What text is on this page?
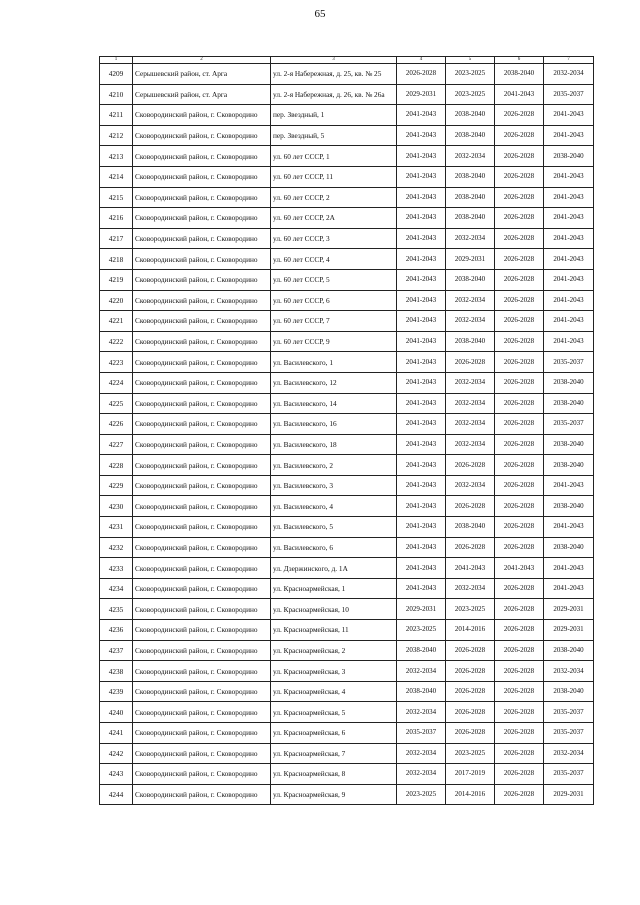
65
1	2	3	4	5	6	7	
4209	Серышевский район, ст. Арга	ул. 2-я Набережная, д. 25, кв. № 25	2026-2028	2023-2025	2038-2040	2032-2034	
4210	Серышевский район, ст. Арга	ул. 2-я Набережная, д. 26, кв. № 26а	2029-2031	2023-2025	2041-2043	2035-2037	
4211	Сковородинский район, г. Сковородино	пер. Звездный, 1	2041-2043	2038-2040	2026-2028	2041-2043	
4212	Сковородинский район, г. Сковородино	пер. Звездный, 5	2041-2043	2038-2040	2026-2028	2041-2043	
4213	Сковородинский район, г. Сковородино	ул. 60 лет СССР, 1	2041-2043	2032-2034	2026-2028	2038-2040	
4214	Сковородинский район, г. Сковородино	ул. 60 лет СССР, 11	2041-2043	2038-2040	2026-2028	2041-2043	
4215	Сковородинский район, г. Сковородино	ул. 60 лет СССР, 2	2041-2043	2038-2040	2026-2028	2041-2043	
4216	Сковородинский район, г. Сковородино	ул. 60 лет СССР, 2А	2041-2043	2038-2040	2026-2028	2041-2043	
4217	Сковородинский район, г. Сковородино	ул. 60 лет СССР, 3	2041-2043	2032-2034	2026-2028	2041-2043	
4218	Сковородинский район, г. Сковородино	ул. 60 лет СССР, 4	2041-2043	2029-2031	2026-2028	2041-2043	
4219	Сковородинский район, г. Сковородино	ул. 60 лет СССР, 5	2041-2043	2038-2040	2026-2028	2041-2043	
4220	Сковородинский район, г. Сковородино	ул. 60 лет СССР, 6	2041-2043	2032-2034	2026-2028	2041-2043	
4221	Сковородинский район, г. Сковородино	ул. 60 лет СССР, 7	2041-2043	2032-2034	2026-2028	2041-2043	
4222	Сковородинский район, г. Сковородино	ул. 60 лет СССР, 9	2041-2043	2038-2040	2026-2028	2041-2043	
4223	Сковородинский район, г. Сковородино	ул. Василевского, 1	2041-2043	2026-2028	2026-2028	2035-2037	
4224	Сковородинский район, г. Сковородино	ул. Василевского, 12	2041-2043	2032-2034	2026-2028	2038-2040	
4225	Сковородинский район, г. Сковородино	ул. Василевского, 14	2041-2043	2032-2034	2026-2028	2038-2040	
4226	Сковородинский район, г. Сковородино	ул. Василевского, 16	2041-2043	2032-2034	2026-2028	2035-2037	
4227	Сковородинский район, г. Сковородино	ул. Василевского, 18	2041-2043	2032-2034	2026-2028	2038-2040	
4228	Сковородинский район, г. Сковородино	ул. Василевского, 2	2041-2043	2026-2028	2026-2028	2038-2040	
4229	Сковородинский район, г. Сковородино	ул. Василевского, 3	2041-2043	2032-2034	2026-2028	2041-2043	
4230	Сковородинский район, г. Сковородино	ул. Василевского, 4	2041-2043	2026-2028	2026-2028	2038-2040	
4231	Сковородинский район, г. Сковородино	ул. Василевского, 5	2041-2043	2038-2040	2026-2028	2041-2043	
4232	Сковородинский район, г. Сковородино	ул. Василевского, 6	2041-2043	2026-2028	2026-2028	2038-2040	
4233	Сковородинский район, г. Сковородино	ул. Дзержинского, д. 1А	2041-2043	2041-2043	2041-2043	2041-2043	
4234	Сковородинский район, г. Сковородино	ул. Красноармейская, 1	2041-2043	2032-2034	2026-2028	2041-2043	
4235	Сковородинский район, г. Сковородино	ул. Красноармейская, 10	2029-2031	2023-2025	2026-2028	2029-2031	
4236	Сковородинский район, г. Сковородино	ул. Красноармейская, 11	2023-2025	2014-2016	2026-2028	2029-2031	
4237	Сковородинский район, г. Сковородино	ул. Красноармейская, 2	2038-2040	2026-2028	2026-2028	2038-2040	
4238	Сковородинский район, г. Сковородино	ул. Красноармейская, 3	2032-2034	2026-2028	2026-2028	2032-2034	
4239	Сковородинский район, г. Сковородино	ул. Красноармейская, 4	2038-2040	2026-2028	2026-2028	2038-2040	
4240	Сковородинский район, г. Сковородино	ул. Красноармейская, 5	2032-2034	2026-2028	2026-2028	2035-2037	
4241	Сковородинский район, г. Сковородино	ул. Красноармейская, 6	2035-2037	2026-2028	2026-2028	2035-2037	
4242	Сковородинский район, г. Сковородино	ул. Красноармейская, 7	2032-2034	2023-2025	2026-2028	2032-2034	
4243	Сковородинский район, г. Сковородино	ул. Красноармейская, 8	2032-2034	2017-2019	2026-2028	2035-2037	
4244	Сковородинский район, г. Сковородино	ул. Красноармейская, 9	2023-2025	2014-2016	2026-2028	2029-2031	
